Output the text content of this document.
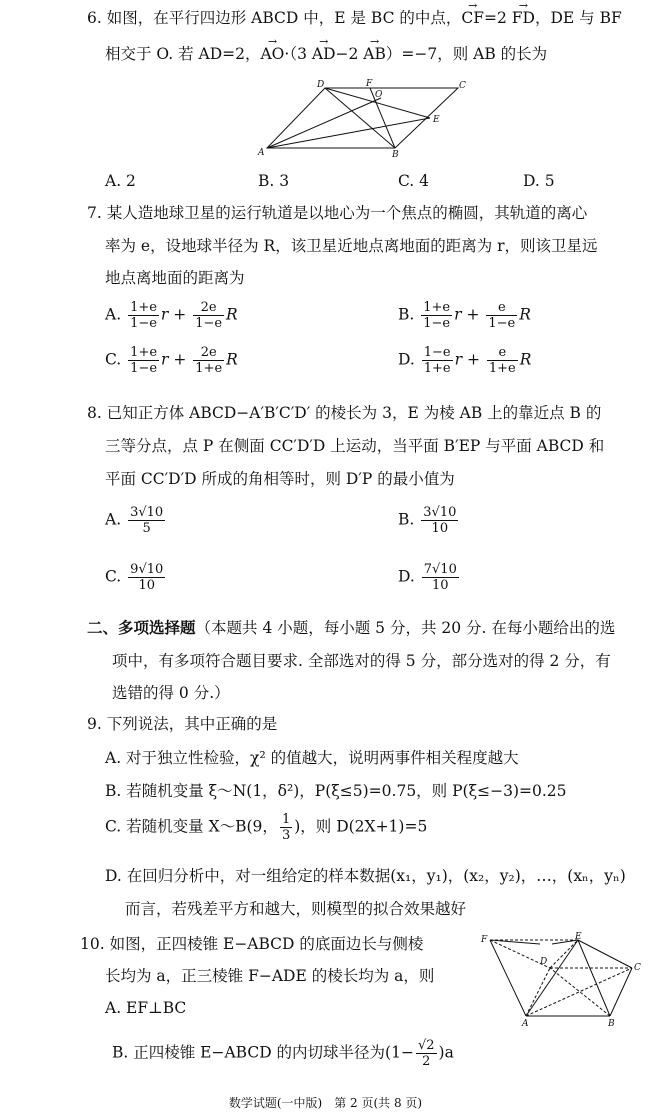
6. 如图，在平行四边形 ABCD 中，E 是 BC 的中点，→ CF=2 → FD，DE 与 BF
相交于 O. 若 AD=2，→ AO·（3 → AD−2 → AB）=−7，则 AB 的长为
D	F
O
C
E
A	B
A. 2	B. 3	C. 4	D. 5
7. 某人造地球卫星的运行轨道是以地心为一个焦点的椭圆，其轨道的离心
率为 e，设地球半径为 R，该卫星近地点离地面的距离为 r，则该卫星远
地点离地面的距离为
A. $\frac{1+e}{1-e}$ $r + \frac{2e}{1-e}$ R	B. $\frac{1+e}{1-e}$ $r + \frac{e}{1-e}$ R
C. $\frac{1+e}{1-e}$ $r + \frac{2e}{1+e}$ R	D. $\frac{1-e}{1+e}$ $r + \frac{e}{1+e}$ R
8. 已知正方体 ABCD−A′B′C′D′ 的棱长为 3，E 为棱 AB 上的靠近点 B 的
三等分点，点 P 在侧面 CC′D′D 上运动，当平面 B′EP 与平面 ABCD 和
平面 CC′D′D 所成的角相等时，则 D′P 的最小值为
A. $\frac{3√10}{5}$	B. $\frac{3√10}{10}$
C. $\frac{9√10}{10}$	D. $\frac{7√10}{10}$
二、多项选择题（本题共 4 小题，每小题 5 分，共 20 分. 在每小题给出的选
项中，有多项符合题目要求. 全部选对的得 5 分，部分选对的得 2 分，有
选错的得 0 分.）
9. 下列说法，其中正确的是
A. 对于独立性检验，χ² 的值越大，说明两事件相关程度越大
B. 若随机变量 ξ～N(1，δ²)，P(ξ≤5)=0.75，则 P(ξ≤−3)=0.25
C. 若随机变量 X～B(9， $\frac{1}{3}$ )，则 D(2X+1)=5
D. 在回归分析中，对一组给定的样本数据(x₁，y₁)，(x₂，y₂)，…，(xₙ，yₙ)
而言，若残差平方和越大，则模型的拟合效果越好
10. 如图，正四棱锥 E−ABCD 的底面边长与侧棱
长均为 a，正三棱锥 F−ADE 的棱长均为 a，则
A. EF⊥BC
F	E
D
C
A	B
B. 正四棱锥 E−ABCD 的内切球半径为$(1- \frac{√2}{2} )a$
数学试题(一中版)　第 2 页(共 8 页)
